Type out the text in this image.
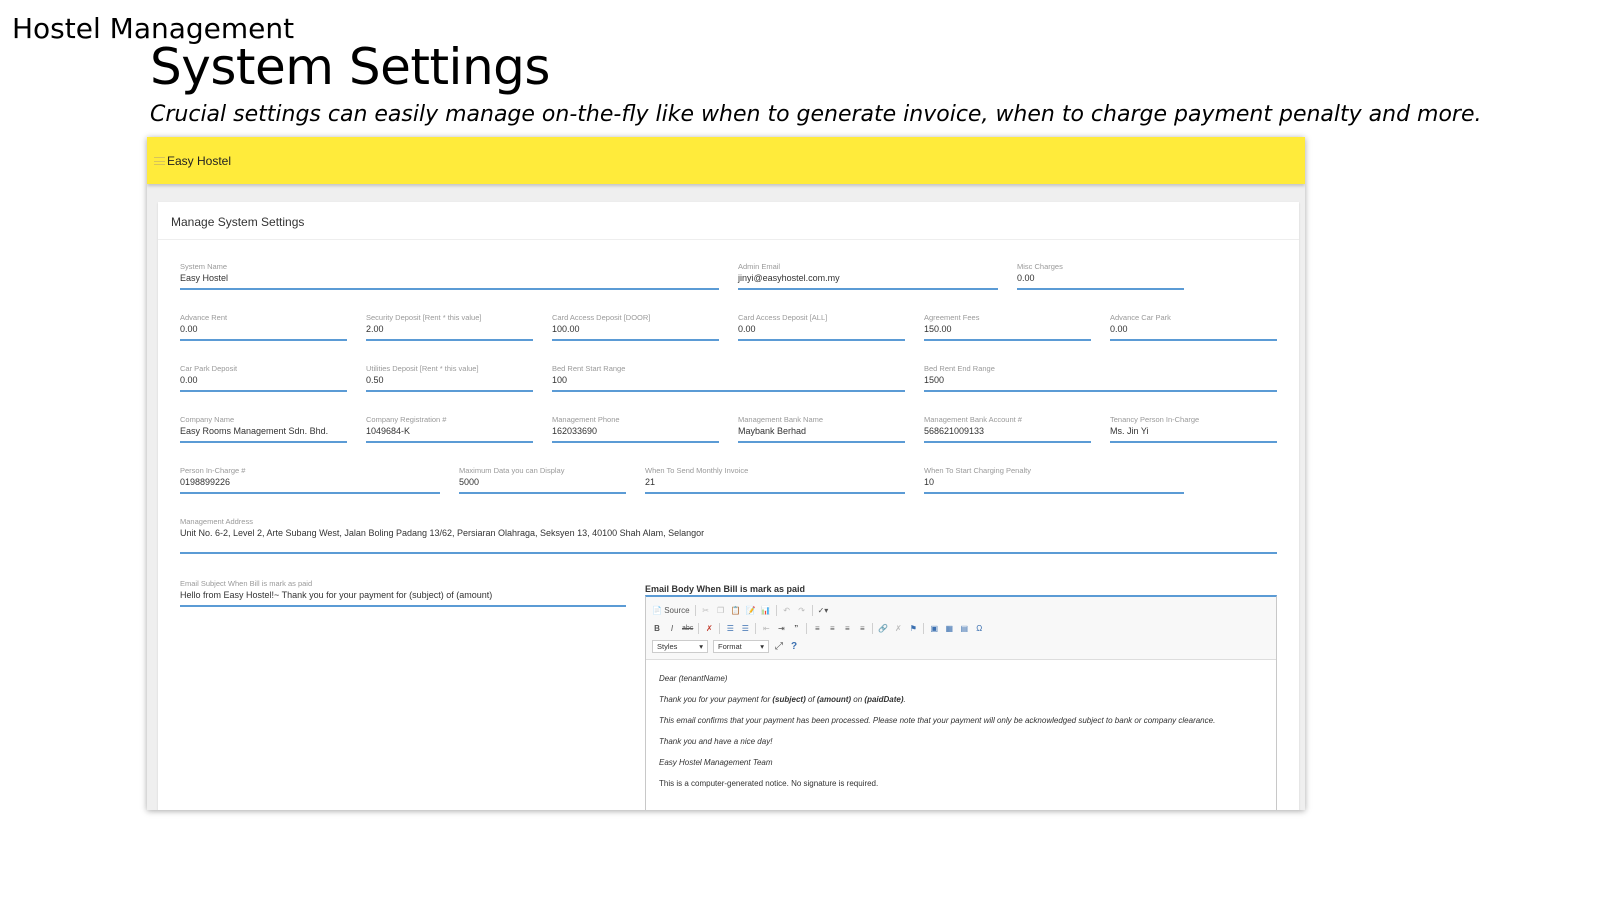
Hostel Management
System Settings
Crucial settings can easily manage on-the-fly like when to generate invoice, when to charge payment penalty and more.
Easy Hostel
Manage System Settings
System Name
Easy Hostel
Admin Email
jinyi@easyhostel.com.my
Misc Charges
0.00
Advance Rent
0.00
Security Deposit [Rent * this value]
2.00
Card Access Deposit [DOOR]
100.00
Card Access Deposit [ALL]
0.00
Agreement Fees
150.00
Advance Car Park
0.00
Car Park Deposit
0.00
Utilities Deposit [Rent * this value]
0.50
Bed Rent Start Range
100
Bed Rent End Range
1500
Company Name
Easy Rooms Management Sdn. Bhd.
Company Registration #
1049684-K
Management Phone
162033690
Management Bank Name
Maybank Berhad
Management Bank Account #
568621009133
Tenancy Person In-Charge
Ms. Jin Yi
Person In-Charge #
0198899226
Maximum Data you can Display
5000
When To Send Monthly Invoice
21
When To Start Charging Penalty
10
Management Address
Unit No. 6-2, Level 2, Arte Subang West, Jalan Boling Padang 13/62, Persiaran Olahraga, Seksyen 13, 40100 Shah Alam, Selangor
Email Subject When Bill is mark as paid
Hello from Easy Hostel!~ Thank you for your payment for (subject) of (amount)
Email Body When Bill is mark as paid
📄
Source ✂ ❐ 📋 📝 📊 ↶ ↷ ✓▾
B	I	abc ✗ ☰ ☰ ⇤ ⇥	”	≡	≡	≡	≡	🔗 ✗ ⚑ ▣ ▦ ▤ Ω
Styles	▾ Format ▾ ⤢ ?

Dear (tenantName)

Thank you for your payment for (subject) of (amount) on (paidDate).

This email confirms that your payment has been processed. Please note that your payment will only be acknowledged subject to bank or company clearance.

Thank you and have a nice day!

Easy Hostel Management Team

This is a computer-generated notice. No signature is required.
